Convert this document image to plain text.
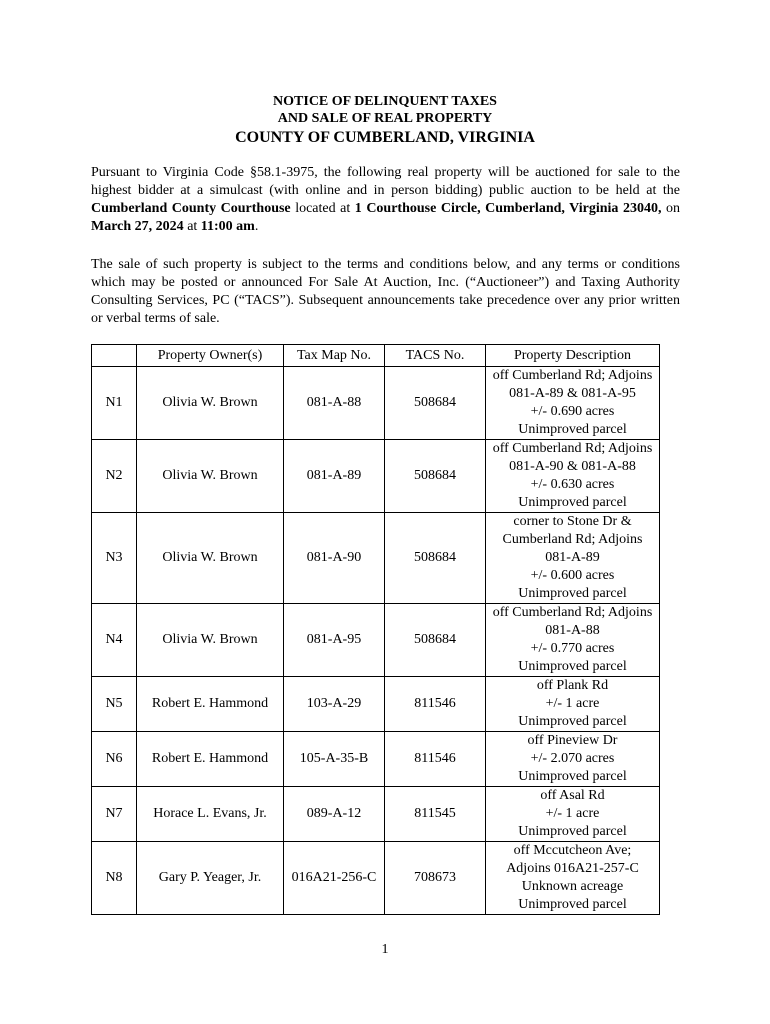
NOTICE OF DELINQUENT TAXES
AND SALE OF REAL PROPERTY
COUNTY OF CUMBERLAND, VIRGINIA

Pursuant to Virginia Code §58.1-3975, the following real property will be auctioned for sale to the highest bidder at a simulcast (with online and in person bidding) public auction to be held at the Cumberland County Courthouse located at 1 Courthouse Circle, Cumberland, Virginia 23040, on March 27, 2024 at 11:00 am.

The sale of such property is subject to the terms and conditions below, and any terms or conditions which may be posted or announced For Sale At Auction, Inc. (“Auctioneer”) and Taxing Authority Consulting Services, PC (“TACS”). Subsequent announcements take precedence over any prior written or verbal terms of sale.

	Property Owner(s)	Tax Map No.	TACS No.	Property Description
N1	Olivia W. Brown	081-A-88	508684	off Cumberland Rd; Adjoins
081-A-89 & 081-A-95
+/- 0.690 acres
Unimproved parcel

N2	Olivia W. Brown	081-A-89	508684	off Cumberland Rd; Adjoins
081-A-90 & 081-A-88
+/- 0.630 acres
Unimproved parcel

N3	Olivia W. Brown	081-A-90	508684	corner to Stone Dr &
Cumberland Rd; Adjoins
081-A-89
+/- 0.600 acres
Unimproved parcel

N4	Olivia W. Brown	081-A-95	508684	off Cumberland Rd; Adjoins
081-A-88
+/- 0.770 acres
Unimproved parcel

N5	Robert E. Hammond	103-A-29	811546	off Plank Rd
+/- 1 acre
Unimproved parcel

N6	Robert E. Hammond	105-A-35-B	811546	off Pineview Dr
+/- 2.070 acres
Unimproved parcel

N7	Horace L. Evans, Jr.	089-A-12	811545	off Asal Rd
+/- 1 acre
Unimproved parcel

N8	Gary P. Yeager, Jr.	016A21-256-C	708673	off Mccutcheon Ave;
Adjoins 016A21-257-C
Unknown acreage
Unimproved parcel
1
